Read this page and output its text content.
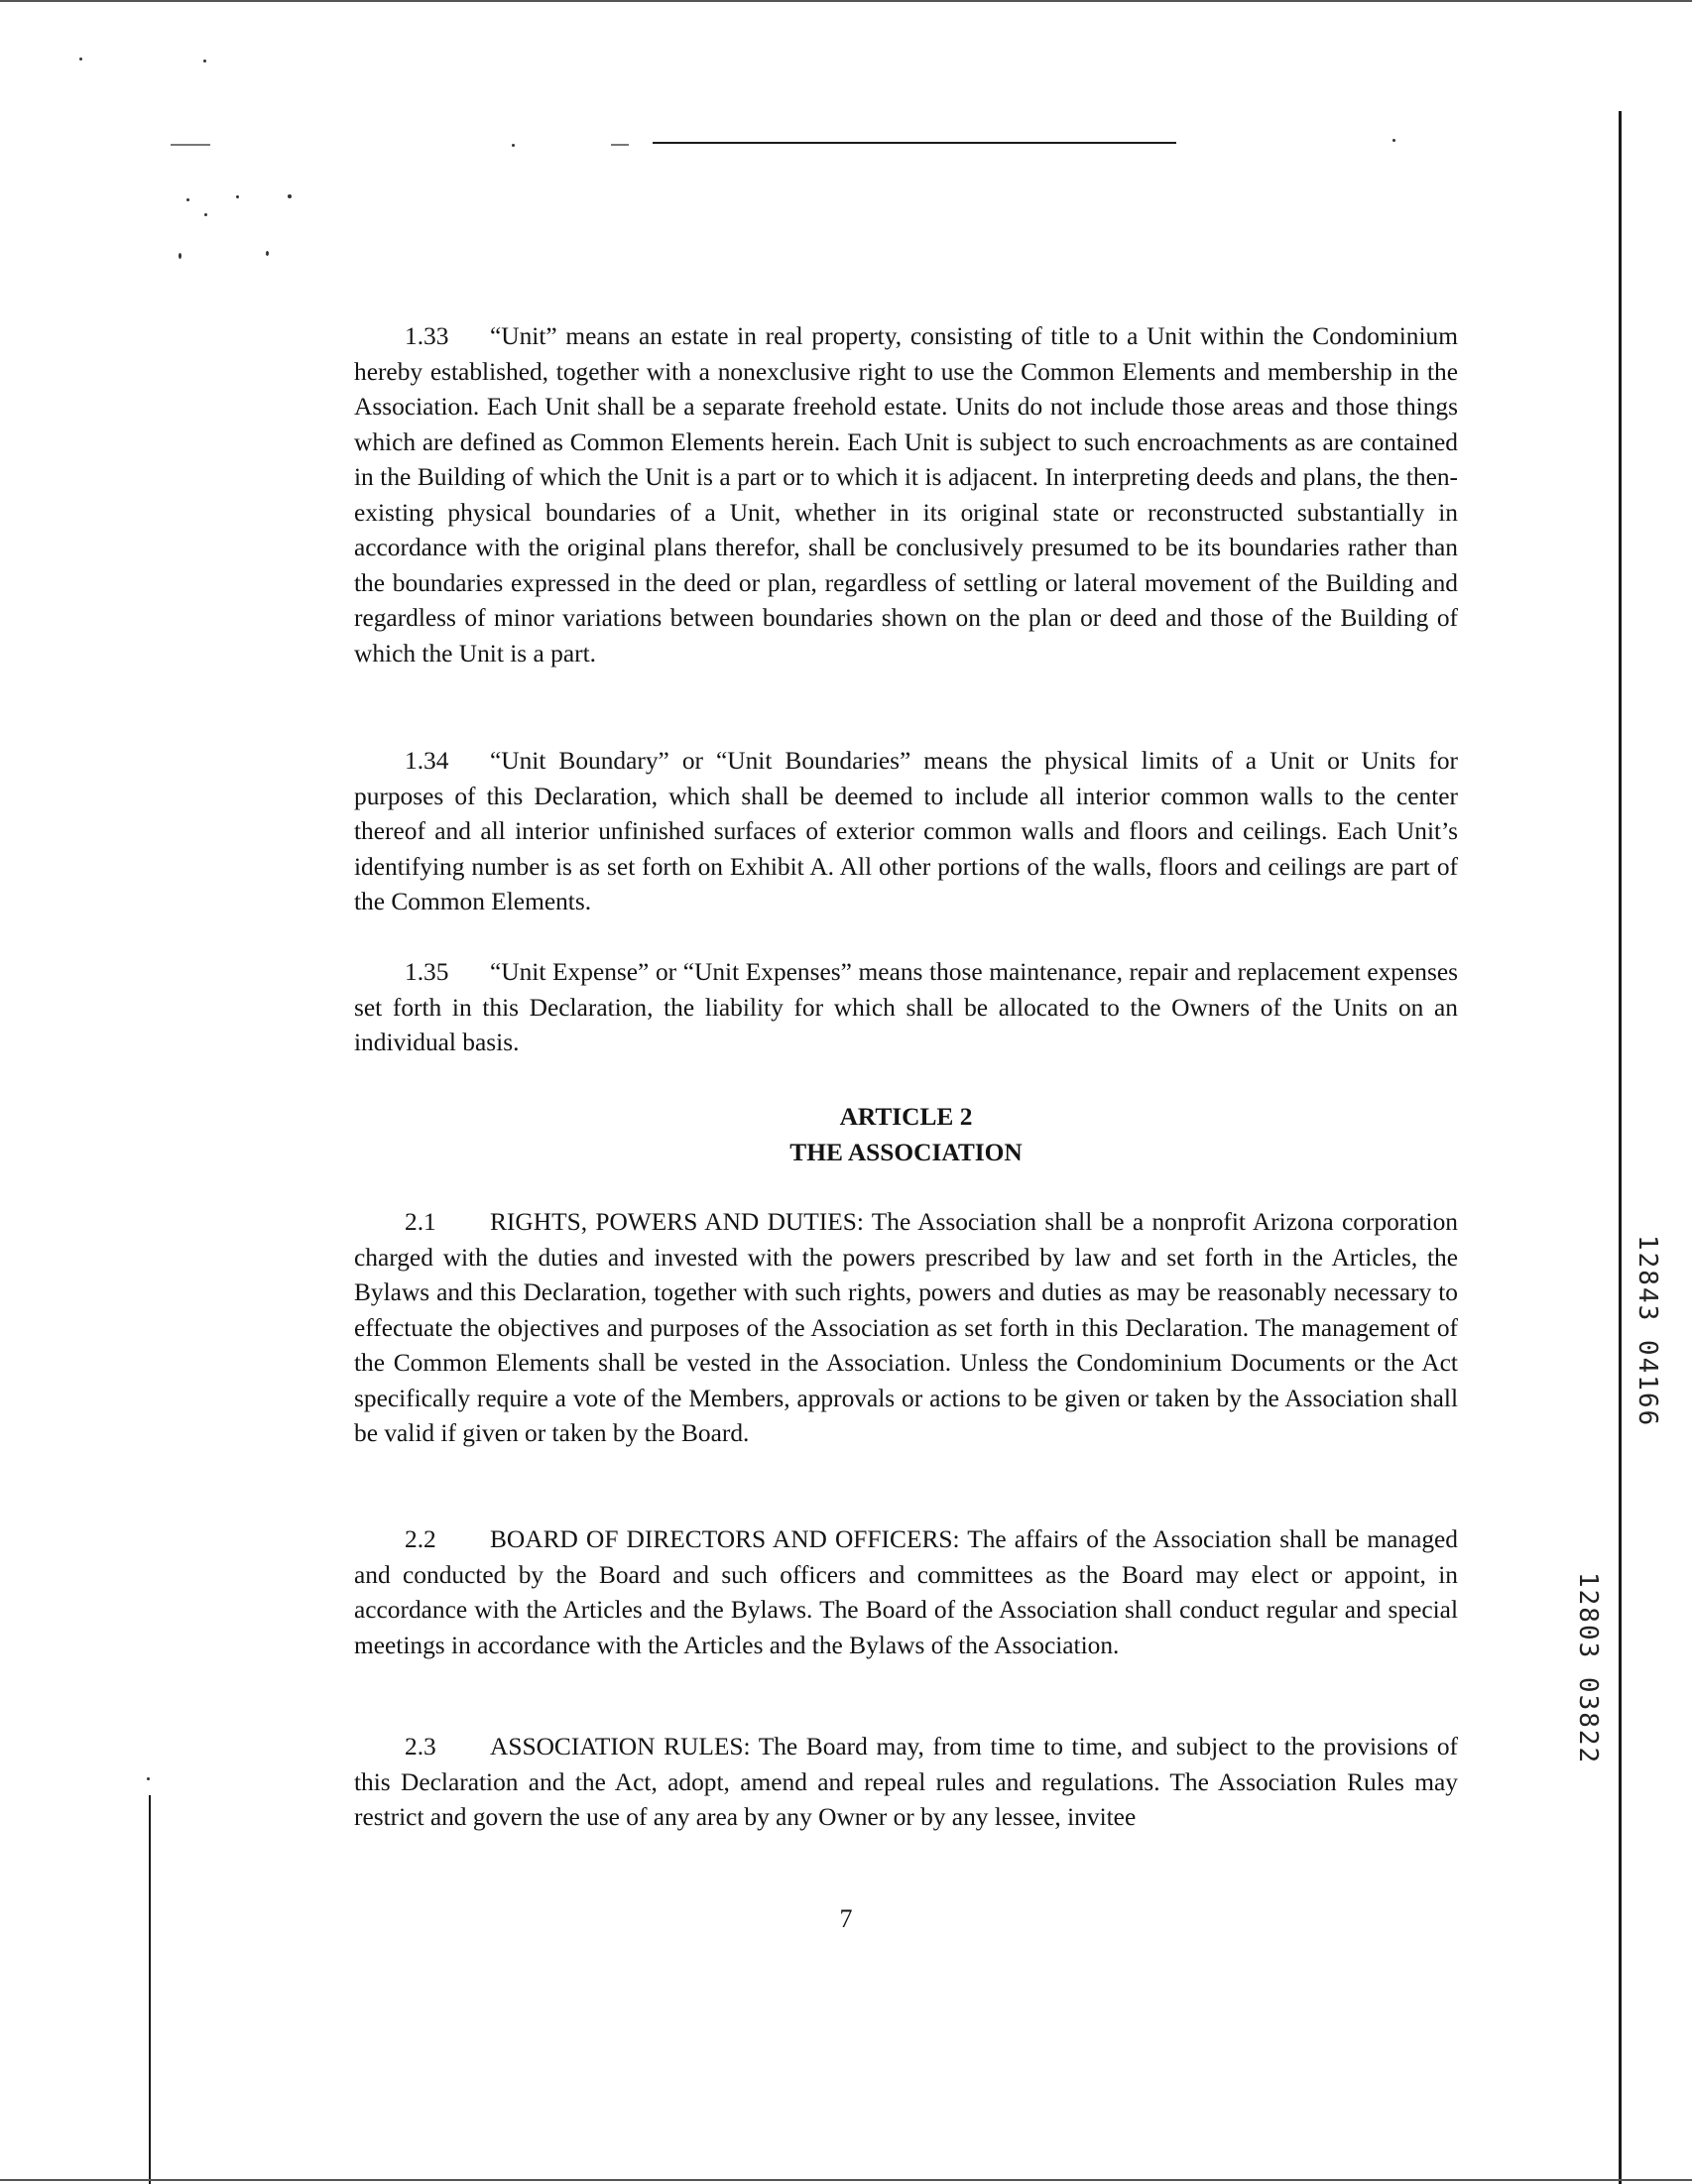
1.33 “Unit” means an estate in real property, consisting of title to a Unit within the Condominium hereby established, together with a nonexclusive right to use the Common Elements and membership in the Association. Each Unit shall be a separate freehold estate. Units do not include those areas and those things which are defined as Common Elements herein. Each Unit is subject to such encroachments as are contained in the Building of which the Unit is a part or to which it is adjacent. In interpreting deeds and plans, the then-existing physical boundaries of a Unit, whether in its original state or reconstructed substantially in accordance with the original plans therefor, shall be conclusively presumed to be its boundaries rather than the boundaries expressed in the deed or plan, regardless of settling or lateral movement of the Building and regardless of minor variations between boundaries shown on the plan or deed and those of the Building of which the Unit is a part.
1.34 “Unit Boundary” or “Unit Boundaries” means the physical limits of a Unit or Units for purposes of this Declaration, which shall be deemed to include all interior common walls to the center thereof and all interior unfinished surfaces of exterior common walls and floors and ceilings. Each Unit’s identifying number is as set forth on Exhibit A. All other portions of the walls, floors and ceilings are part of the Common Elements.
1.35 “Unit Expense” or “Unit Expenses” means those maintenance, repair and replacement expenses set forth in this Declaration, the liability for which shall be allocated to the Owners of the Units on an individual basis.
ARTICLE 2
THE ASSOCIATION
2.1 RIGHTS, POWERS AND DUTIES: The Association shall be a nonprofit Arizona corporation charged with the duties and invested with the powers prescribed by law and set forth in the Articles, the Bylaws and this Declaration, together with such rights, powers and duties as may be reasonably necessary to effectuate the objectives and purposes of the Association as set forth in this Declaration. The management of the Common Elements shall be vested in the Association. Unless the Condominium Documents or the Act specifically require a vote of the Members, approvals or actions to be given or taken by the Association shall be valid if given or taken by the Board.
2.2 BOARD OF DIRECTORS AND OFFICERS: The affairs of the Association shall be managed and conducted by the Board and such officers and committees as the Board may elect or appoint, in accordance with the Articles and the Bylaws. The Board of the Association shall conduct regular and special meetings in accordance with the Articles and the Bylaws of the Association.
2.3 ASSOCIATION RULES: The Board may, from time to time, and subject to the provisions of this Declaration and the Act, adopt, amend and repeal rules and regulations. The Association Rules may restrict and govern the use of any area by any Owner or by any lessee, invitee
7
12843 04166
12803 03822
